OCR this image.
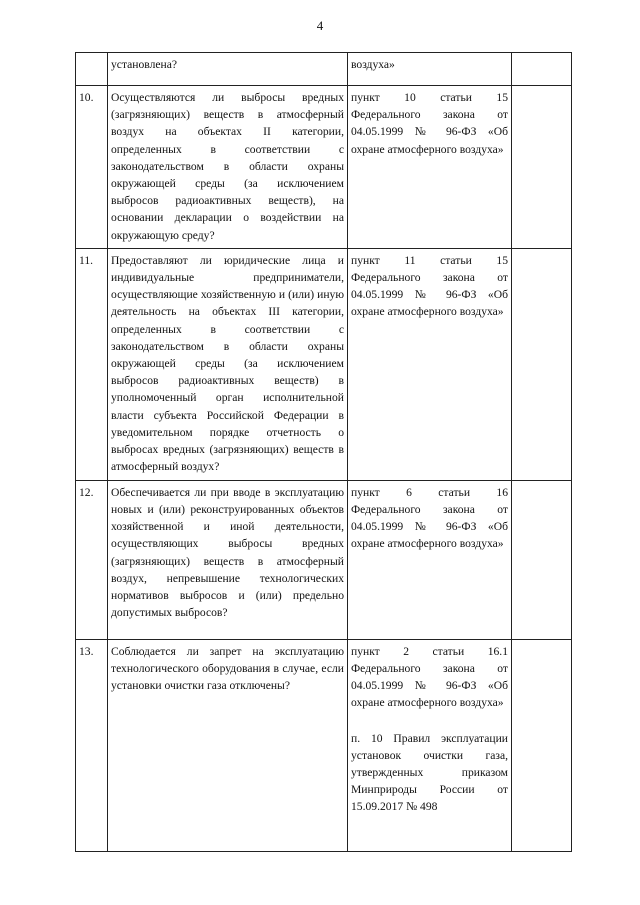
4
	установлена?	воздуха»	
10.	Осуществляются ли выбросы вредных (загрязняющих) веществ в атмосферный воздух на объектах II категории, определенных в соответствии с законодательством в области охраны окружающей среды (за исключением выбросов радиоактивных веществ), на основании декларации о воздействии на окружающую среду?	пункт 10 статьи 15 Федерального закона от 04.05.1999 № 96-ФЗ «Об охране атмосферного воздуха»	
11.	Предоставляют ли юридические лица и индивидуальные предприниматели, осуществляющие хозяйственную и (или) иную деятельность на объектах III категории, определенных в соответствии с законодательством в области охраны окружающей среды (за исключением выбросов радиоактивных веществ) в уполномоченный орган исполнительной власти субъекта Российской Федерации в уведомительном порядке отчетность о выбросах вредных (загрязняющих) веществ в атмосферный воздух?	пункт 11 статьи 15 Федерального закона от 04.05.1999 № 96-ФЗ «Об охране атмосферного воздуха»	
12.	Обеспечивается ли при вводе в эксплуатацию новых и (или) реконструированных объектов хозяйственной и иной деятельности, осуществляющих выбросы вредных (загрязняющих) веществ в атмосферный воздух, непревышение технологических нормативов выбросов и (или) предельно допустимых выбросов?	пункт 6 статьи 16 Федерального закона от 04.05.1999 № 96-ФЗ «Об охране атмосферного воздуха»	
13.	Соблюдается ли запрет на эксплуатацию технологического оборудования в случае, если установки очистки газа отключены?	пункт 2 статьи 16.1 Федерального закона от 04.05.1999 № 96-ФЗ «Об охране атмосферного воздуха»
п. 10 Правил эксплуатации установок очистки газа, утвержденных приказом Минприроды России от 15.09.2017 № 498	
